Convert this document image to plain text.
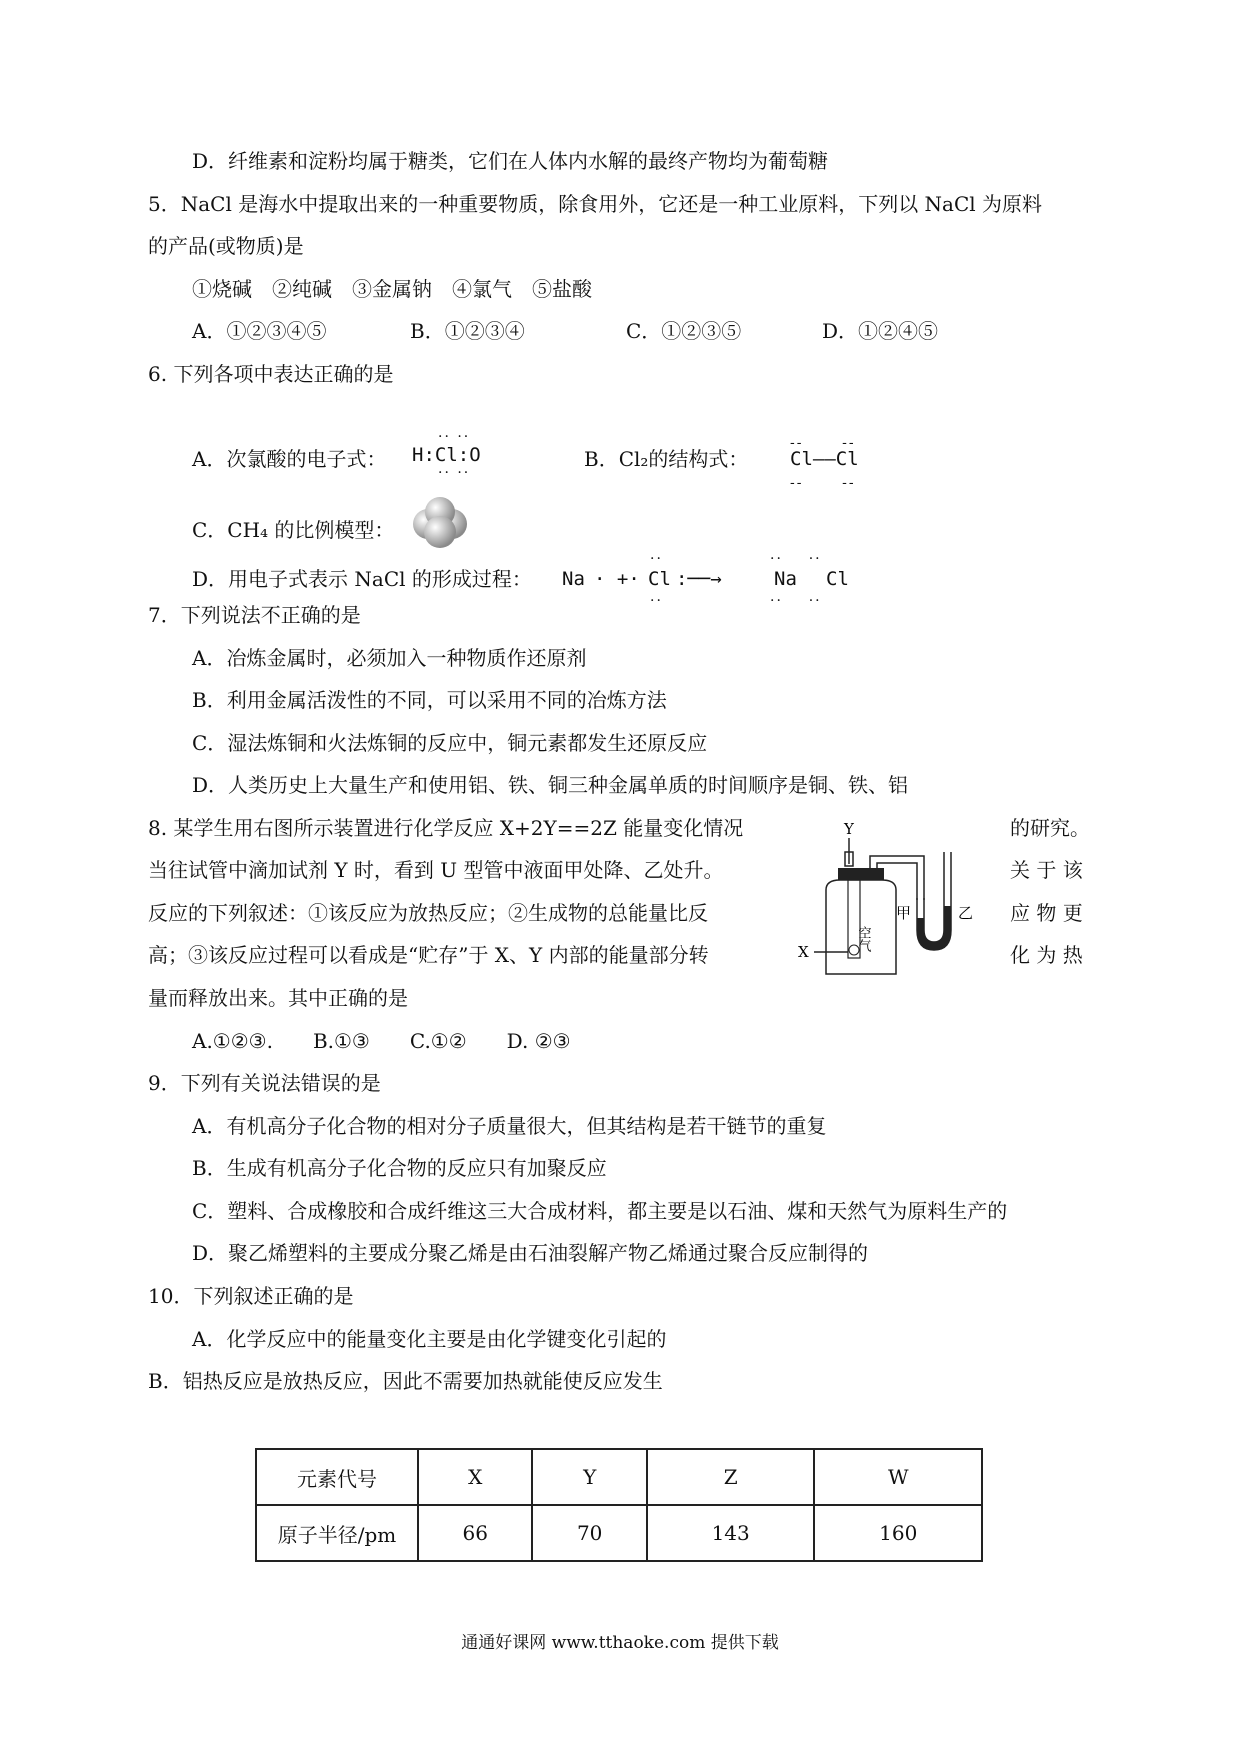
D．纤维素和淀粉均属于糖类，它们在人体内水解的最终产物均为葡萄糖
5．NaCl 是海水中提取出来的一种重要物质，除食用外，它还是一种工业原料，下列以 NaCl 为原料
的产品(或物质)是
①烧碱　②纯碱　③金属钠　④氯气　⑤盐酸
A．①②③④⑤	B．①②③④	C．①②③⑤	D．①②④⑤
6. 下列各项中表达正确的是
A．次氯酸的电子式： H:Cl:O
·· ··
·· ··
B．Cl₂的结构式： Cl——Cl
--      --
--      --
C．CH₄ 的比例模型：
D．用电子式表示 NaCl 的形成过程： Na · +· Cl :──→	Na Cl
··
··
··    ··
··    ··
7．下列说法不正确的是
A．冶炼金属时，必须加入一种物质作还原剂
B．利用金属活泼性的不同，可以采用不同的冶炼方法
C．湿法炼铜和火法炼铜的反应中，铜元素都发生还原反应
D．人类历史上大量生产和使用铝、铁、铜三种金属单质的时间顺序是铜、铁、铝
8. 某学生用右图所示装置进行化学反应 X+2Y==2Z 能量变化情况	的研究。
当往试管中滴加试剂 Y 时，看到 U 型管中液面甲处降、乙处升。	关 于 该
反应的下列叙述：①该反应为放热反应；②生成物的总能量比反	应 物 更
高；③该反应过程可以看成是“贮存”于 X、Y 内部的能量部分转	化 为 热
量而释放出来。其中正确的是
A.①②③.　　B.①③　　C.①②　　D. ②③
Y
空气
X
甲	乙
9．下列有关说法错误的是
A．有机高分子化合物的相对分子质量很大，但其结构是若干链节的重复
B．生成有机高分子化合物的反应只有加聚反应
C．塑料、合成橡胶和合成纤维这三大合成材料，都主要是以石油、煤和天然气为原料生产的
D．聚乙烯塑料的主要成分聚乙烯是由石油裂解产物乙烯通过聚合反应制得的
10．下列叙述正确的是
A．化学反应中的能量变化主要是由化学键变化引起的
B．铝热反应是放热反应，因此不需要加热就能使反应发生
元素代号	X	Y	Z	W
原子半径/pm	66	70	143	160
通通好课网 www.tthaoke.com 提供下载
